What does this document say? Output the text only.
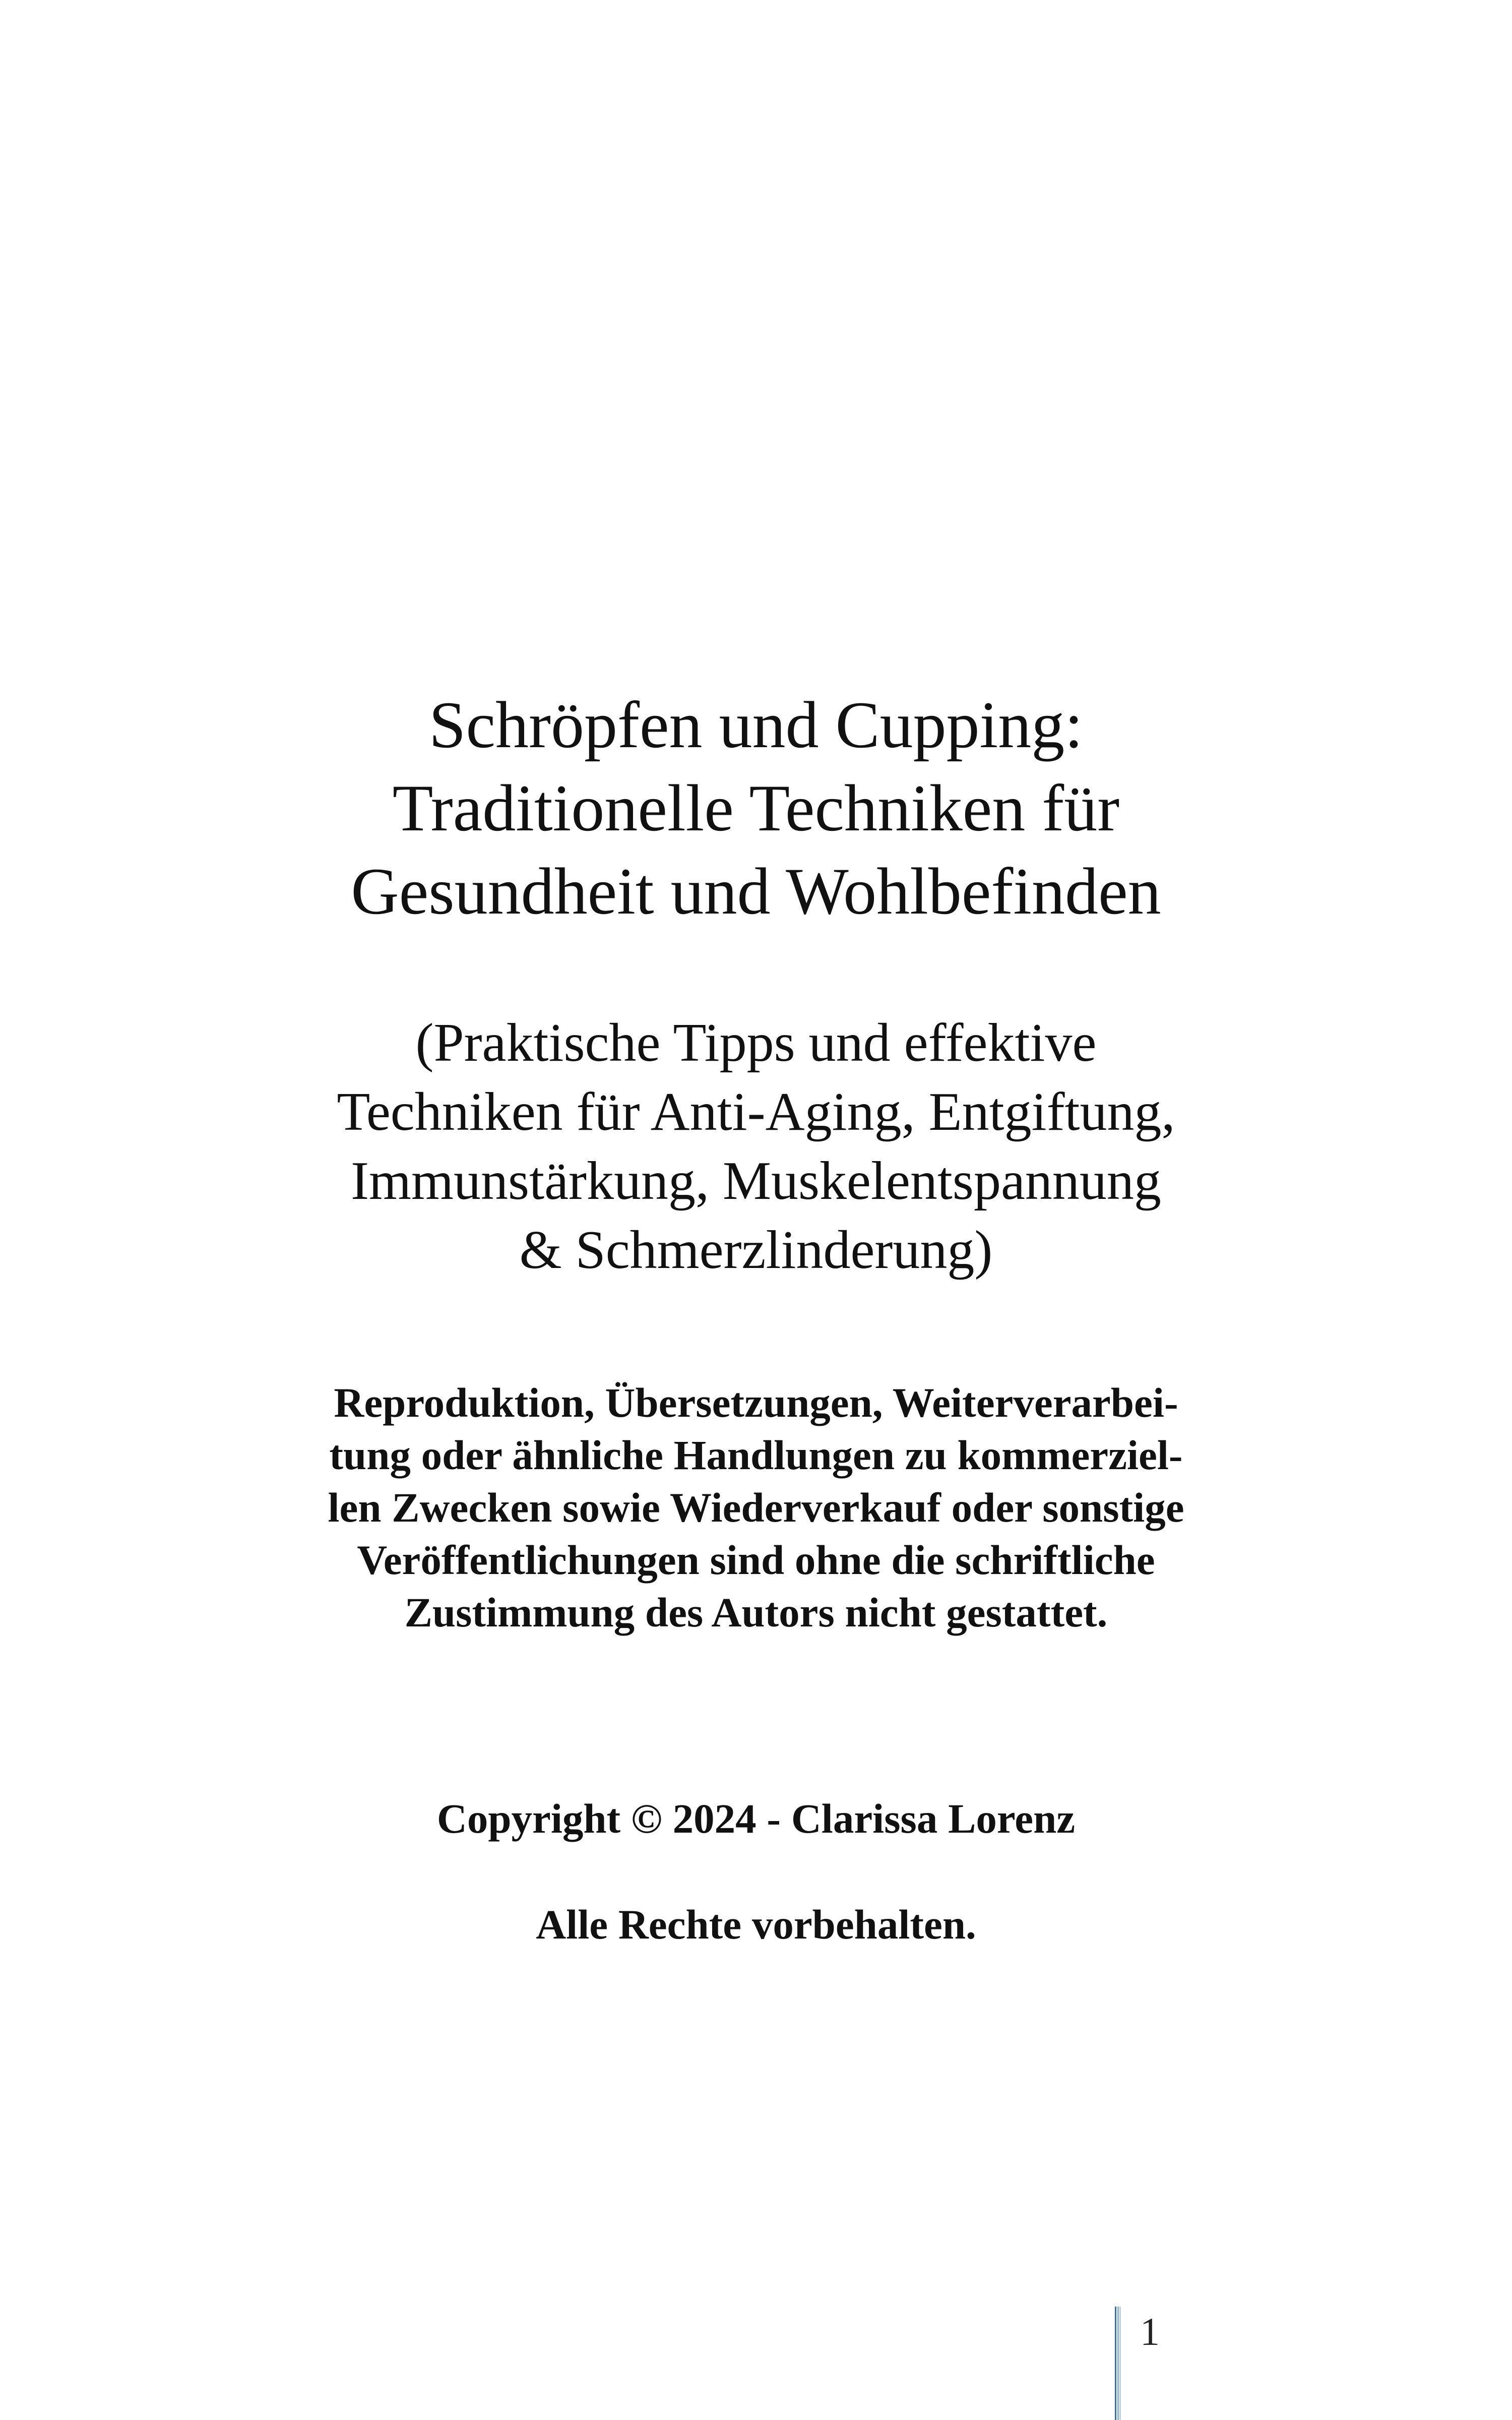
Schröpfen und Cupping:
Traditionelle Techniken für
Gesundheit und Wohlbefinden
(Praktische Tipps und effektive
Techniken für Anti-Aging, Entgiftung,
Immunstärkung, Muskelentspannung
& Schmerzlinderung)
Reproduktion, Übersetzungen, Weiterverarbei-
tung oder ähnliche Handlungen zu kommerziel-
len Zwecken sowie Wiederverkauf oder sonstige
Veröffentlichungen sind ohne die schriftliche
Zustimmung des Autors nicht gestattet.
Copyright © 2024 - Clarissa Lorenz
Alle Rechte vorbehalten.
1
